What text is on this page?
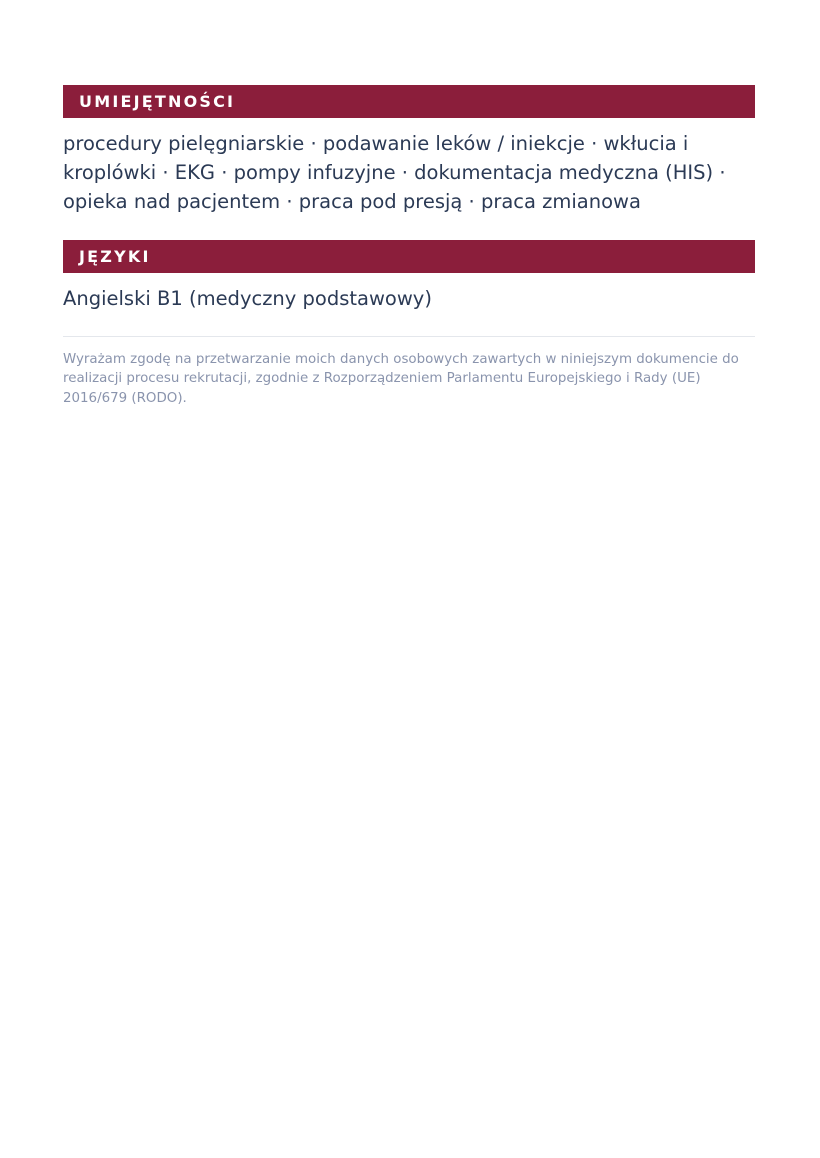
UMIEJĘTNOŚCI
procedury pielęgniarskie · podawanie leków / iniekcje · wkłucia i
kroplówki · EKG · pompy infuzyjne · dokumentacja medyczna (HIS) ·
opieka nad pacjentem · praca pod presją · praca zmianowa
JĘZYKI
Angielski B1 (medyczny podstawowy)
Wyrażam zgodę na przetwarzanie moich danych osobowych zawartych w niniejszym dokumencie do
realizacji procesu rekrutacji, zgodnie z Rozporządzeniem Parlamentu Europejskiego i Rady (UE)
2016/679 (RODO).
